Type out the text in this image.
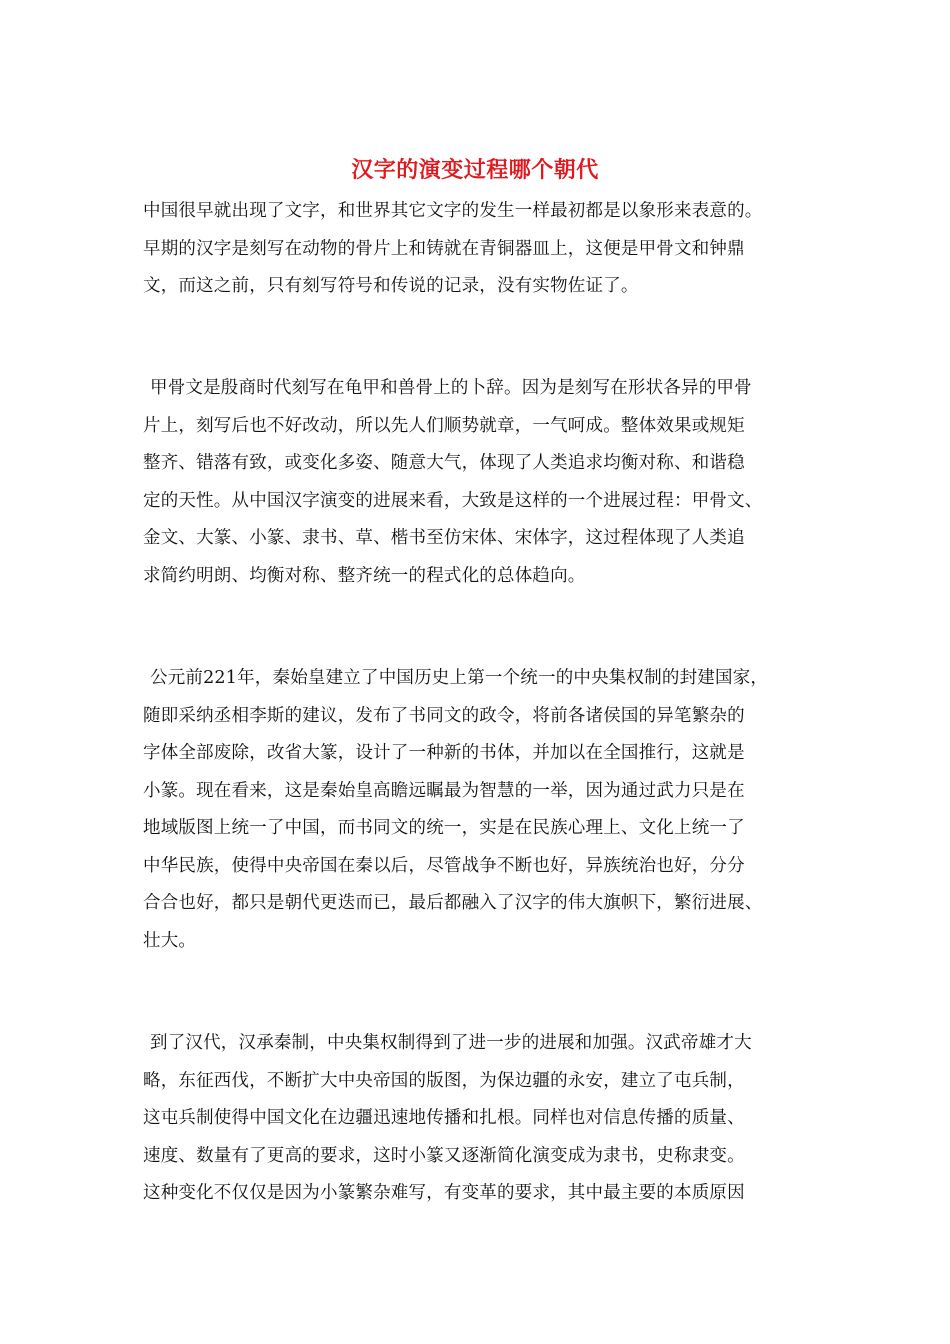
汉字的演变过程哪个朝代
中国很早就出现了文字，和世界其它文字的发生一样最初都是以象形来表意的。
早期的汉字是刻写在动物的骨片上和铸就在青铜器皿上，这便是甲骨文和钟鼎
文，而这之前，只有刻写符号和传说的记录，没有实物佐证了。
甲骨文是殷商时代刻写在龟甲和兽骨上的卜辞。因为是刻写在形状各异的甲骨
片上，刻写后也不好改动，所以先人们顺势就章，一气呵成。整体效果或规矩
整齐、错落有致，或变化多姿、随意大气，体现了人类追求均衡对称、和谐稳
定的天性。从中国汉字演变的进展来看，大致是这样的一个进展过程：甲骨文、
金文、大篆、小篆、隶书、草、楷书至仿宋体、宋体字，这过程体现了人类追
求简约明朗、均衡对称、整齐统一的程式化的总体趋向。
公元前221年，秦始皇建立了中国历史上第一个统一的中央集权制的封建国家，
随即采纳丞相李斯的建议，发布了书同文的政令，将前各诸侯国的异笔繁杂的
字体全部废除，改省大篆，设计了一种新的书体，并加以在全国推行，这就是
小篆。现在看来，这是秦始皇高瞻远瞩最为智慧的一举，因为通过武力只是在
地域版图上统一了中国，而书同文的统一，实是在民族心理上、文化上统一了
中华民族，使得中央帝国在秦以后，尽管战争不断也好，异族统治也好，分分
合合也好，都只是朝代更迭而已，最后都融入了汉字的伟大旗帜下，繁衍进展、
壮大。
到了汉代，汉承秦制，中央集权制得到了进一步的进展和加强。汉武帝雄才大
略，东征西伐，不断扩大中央帝国的版图，为保边疆的永安，建立了屯兵制，
这屯兵制使得中国文化在边疆迅速地传播和扎根。同样也对信息传播的质量、
速度、数量有了更高的要求，这时小篆又逐渐简化演变成为隶书，史称隶变。
这种变化不仅仅是因为小篆繁杂难写，有变革的要求，其中最主要的本质原因
